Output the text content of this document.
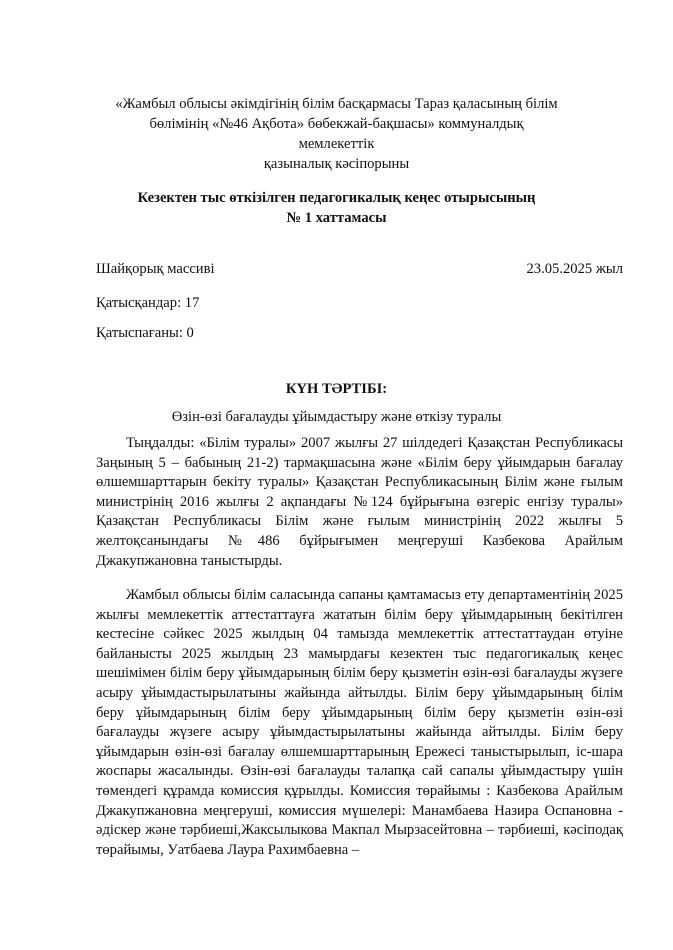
«Жамбыл облысы әкімдігінің білім басқармасы Тараз қаласының білім
бөлімінің «№46 Ақбота» бөбекжай-бақшасы» коммуналдық мемлекеттік
қазыналық кәсіпорыны
Кезектен тыс өткізілген педагогикалық кеңес отырысының
№ 1 хаттамасы
Шайқорық массиві	23.05.2025 жыл
Қатысқандар: 17
Қатыспағаны: 0
КҮН ТӘРТІБІ:
Өзін-өзі бағалауды ұйымдастыру және өткізу туралы
Тыңдалды: «Білім туралы» 2007 жылғы 27 шілдедегі Қазақстан Республикасы Заңының 5 – бабының 21-2) тармақшасына және «Білім беру ұйымдарын бағалау өлшемшарттарын бекіту туралы» Қазақстан Республикасының Білім және ғылым министрінің 2016 жылғы 2 ақпандағы №124 бұйрығына өзгеріс енгізу туралы» Қазақстан Республикасы Білім және ғылым министрінің 2022 жылғы 5 желтоқсанындағы №486 бұйрығымен меңгеруші Казбекова Арайлым Джакупжановна таныстырды.
Жамбыл облысы білім саласында сапаны қамтамасыз ету департаментінің 2025 жылғы мемлекеттік аттестаттауға жататын білім беру ұйымдарының бекітілген кестесіне сәйкес 2025 жылдың 04 тамызда мемлекеттік аттестаттаудан өтуіне байланысты 2025 жылдың 23 мамырдағы кезектен тыс педагогикалық кеңес шешімімен білім беру ұйымдарының білім беру қызметін өзін-өзі бағалауды жүзеге асыру ұйымдастырылатыны жайында айтылды. Білім беру ұйымдарының білім беру ұйымдарының білім беру ұйымдарының білім беру қызметін өзін-өзі бағалауды жүзеге асыру ұйымдастырылатыны жайында айтылды. Білім беру ұйымдарын өзін-өзі бағалау өлшемшарттарының Ережесі таныстырылып, іс-шара жоспары жасалынды. Өзін-өзі бағалауды талапқа сай сапалы ұйымдастыру үшін төмендегі құрамда комиссия құрылды. Комиссия төрайымы : Казбекова Арайлым Джакупжановна меңгеруші, комиссия мүшелері: Манамбаева Назира Оспановна - әдіскер және тәрбиеші,Жаксылыкова Макпал Мырзасейтовна – тәрбиеші, кәсіподақ төрайымы, Уатбаева Лаура Рахимбаевна –
